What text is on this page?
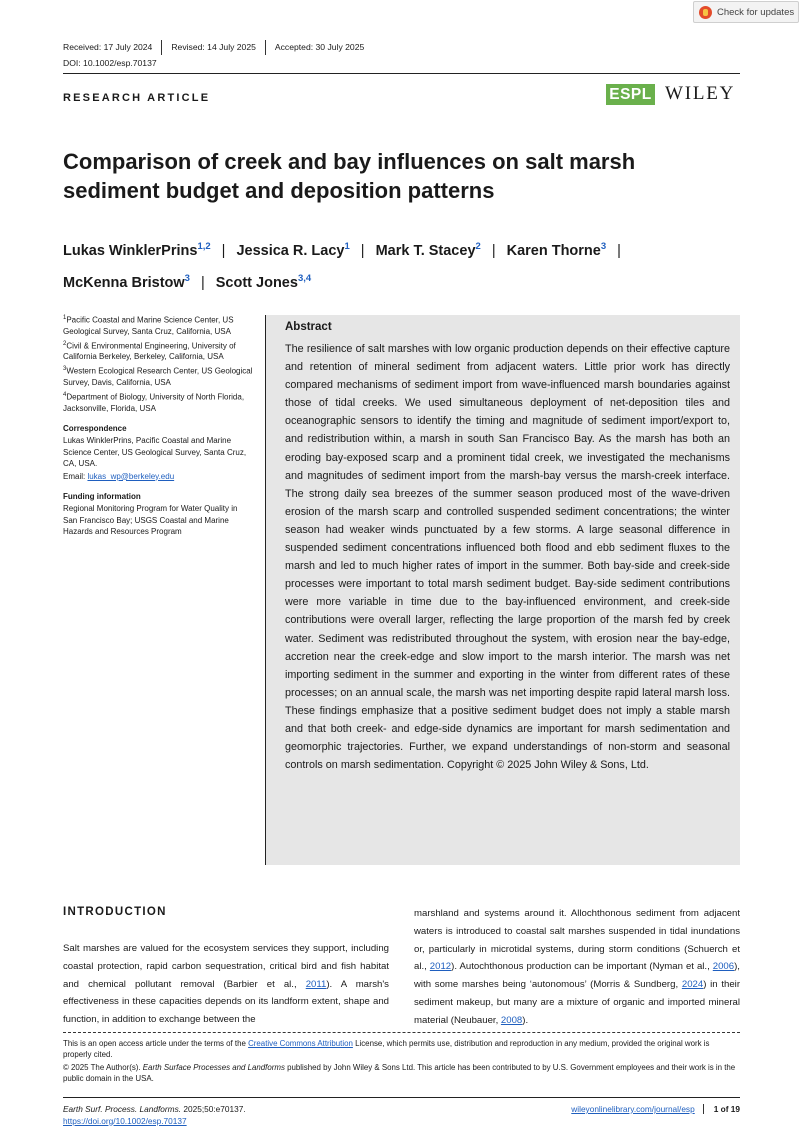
Check for updates
Received: 17 July 2024	Revised: 14 July 2025	Accepted: 30 July 2025
DOI: 10.1002/esp.70137
RESEARCH ARTICLE	ESPL WILEY
Comparison of creek and bay influences on salt marsh sediment budget and deposition patterns
Lukas WinklerPrins$^{1,2}$ | Jessica R. Lacy$^1$ | Mark T. Stacey$^2$ | Karen Thorne$^3$ |
McKenna Bristow$^3$ | Scott Jones$^{3,4}$

$^1$Pacific Coastal and Marine Science Center, US Geological Survey, Santa Cruz, California, USA

$^2$Civil & Environmental Engineering, University of California Berkeley, Berkeley, California, USA

$^3$Western Ecological Research Center, US Geological Survey, Davis, California, USA

$^4$Department of Biology, University of North Florida, Jacksonville, Florida, USA

Correspondence

Lukas WinklerPrins, Pacific Coastal and Marine Science Center, US Geological Survey, Santa Cruz, CA, USA.

Email: lukas_wp@berkeley.edu

Funding information

Regional Monitoring Program for Water Quality in San Francisco Bay; USGS Coastal and Marine Hazards and Resources Program

Abstract
The resilience of salt marshes with low organic production depends on their effective capture and retention of mineral sediment from adjacent waters. Little prior work has directly compared mechanisms of sediment import from wave-influenced marsh boundaries against those of tidal creeks. We used simultaneous deployment of net-deposition tiles and oceanographic sensors to identify the timing and magnitude of sediment import/export to, and redistribution within, a marsh in south San Francisco Bay. As the marsh has both an eroding bay-exposed scarp and a prominent tidal creek, we investigated the mechanisms and magnitudes of sediment import from the marsh-bay versus the marsh-creek interface. The strong daily sea breezes of the summer season produced most of the wave-driven erosion of the marsh scarp and controlled suspended sediment concentrations; the winter season had weaker winds punctuated by a few storms. A large seasonal difference in suspended sediment concentrations influenced both flood and ebb sediment fluxes to the marsh and led to much higher rates of import in the summer. Both bay-side and creek-side processes were important to total marsh sediment budget. Bay-side sediment contributions were more variable in time due to the bay-influenced environment, and creek-side contributions were overall larger, reflecting the large proportion of the marsh fed by creek water. Sediment was redistributed throughout the system, with erosion near the bay-edge, accretion near the creek-edge and slow import to the marsh interior. The marsh was net importing sediment in the summer and exporting in the winter from different rates of these processes; on an annual scale, the marsh was net importing despite rapid lateral marsh loss. These findings emphasize that a positive sediment budget does not imply a stable marsh and that both creek- and edge-side dynamics are important for marsh sedimentation and geomorphic trajectories. Further, we expand understandings of non-storm and seasonal controls on marsh sedimentation. Copyright © 2025 John Wiley & Sons, Ltd.
INTRODUCTION
Salt marshes are valued for the ecosystem services they support, including coastal protection, rapid carbon sequestration, critical bird and fish habitat and chemical pollutant removal (Barbier et al., 2011). A marsh's effectiveness in these capacities depends on its landform extent, shape and function, in addition to exchange between the
marshland and systems around it. Allochthonous sediment from adjacent waters is introduced to coastal salt marshes suspended in tidal inundations or, particularly in microtidal systems, during storm conditions (Schuerch et al., 2012). Autochthonous production can be important (Nyman et al., 2006), with some marshes being ‘autonomous’ (Morris & Sundberg, 2024) in their sediment makeup, but many are a mixture of organic and imported mineral material (Neubauer, 2008).

This is an open access article under the terms of the Creative Commons Attribution License, which permits use, distribution and reproduction in any medium, provided the original work is properly cited.

© 2025 The Author(s). Earth Surface Processes and Landforms published by John Wiley & Sons Ltd. This article has been contributed to by U.S. Government employees and their work is in the public domain in the USA.

Earth Surf. Process. Landforms. 2025;50:e70137.
https://doi.org/10.1002/esp.70137
wileyonlinelibrary.com/journal/esp	1 of 19
